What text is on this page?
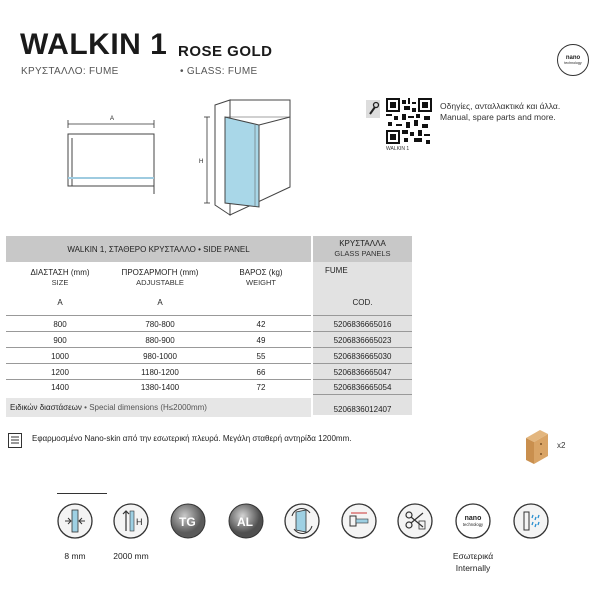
WALKIN 1 ROSE GOLD
ΚΡΥΣΤΑΛΛΟ: FUME	• GLASS: FUME
nano
technology
A
H
WALKIN 1
Οδηγίες, ανταλλακτικά και άλλα.
Manual, spare parts and more.
WALKIN 1, ΣΤΑΘΕΡΟ ΚΡΥΣΤΑΛΛΟ • SIDE PANEL
ΚΡΥΣΤΑΛΛΑ
GLASS PANELS
ΔΙΑΣΤΑΣΗ (mm)
SIZE
A
ΠΡΟΣΑΡΜΟΓΗ (mm)
ADJUSTABLE
A
ΒΑΡΟΣ (kg)
WEIGHT
FUME
COD.
800	780-800	42	5206836665016
900	880-900	49	5206836665023
1000	980-1000	55	5206836665030
1200	1180-1200	66	5206836665047
1400	1380-1400	72	5206836665054
Ειδικών διαστάσεων • Special dimensions (H≤2000mm)	5206836012407
Εφαρμοσμένο Nano-skin από την εσωτερική πλευρά. Μεγάλη σταθερή αντηρίδα 1200mm.
x2
8 mm
H
2000 mm
TG	AL	nano
technology
Εσωτερικά
Internally
